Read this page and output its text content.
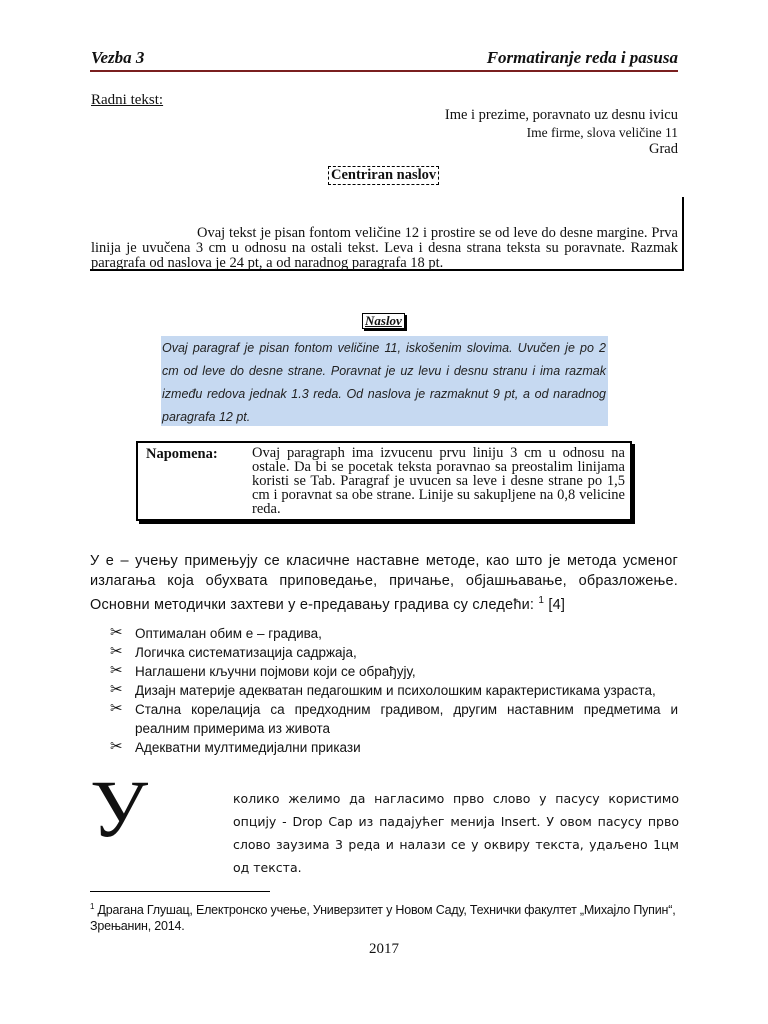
Vezba 3	Formatiranje reda i pasusa
Radni tekst:
Ime i prezime, poravnato uz desnu ivicu
Ime firme, slova veličine 11
Grad
Centriran naslov
Ovaj tekst je pisan fontom veličine 12 i prostire se od leve do desne margine. Prva linija je uvučena 3 cm u odnosu na ostali tekst. Leva i desna strana teksta su poravnate. Razmak paragrafa od naslova je 24 pt, a od naradnog paragrafa 18 pt.
Naslov
Ovaj paragraf je pisan fontom veličine 11, iskošenim slovima. Uvučen je po 2 cm od leve do desne strane. Poravnat je uz levu i desnu stranu i ima razmak između redova jednak 1.3 reda. Od naslova je razmaknut 9 pt, a od naradnog paragrafa 12 pt.
Napomena: Ovaj paragraph ima izvucenu prvu liniju 3 cm u odnosu na ostale. Da bi se pocetak teksta poravnao sa preostalim linijama koristi se Tab. Paragraf je uvucen sa leve i desne strane po 1,5 cm i poravnat sa obe strane. Linije su sakupljene na 0,8 velicine reda.
У е – учењу примењују се класичне наставне методе, као што је метода усменог излагања која обухвата приповедање, причање, објашњавање, образложење. Основни методички захтеви у е-предавању градива су следећи: $^1$ [4]
✂ Оптималан обим е – градива,
✂ Логичка систематизација садржаја,
✂ Наглашени кључни појмови који се обрађују,
✂ Дизајн материје адекватан педагошким и психолошким карактеристикама узраста,
✂ Стална корелација са предходним градивом, другим наставним предметима и реалним примерима из живота
✂ Адекватни мултимедијални прикази
У	колико желимо да нагласимо прво слово у пасусу користимо опцију - Drop Cap из падајућег менија Insert. У овом пасусу прво слово заузима 3 реда и налази се у оквиру текста, удаљено 1цм од текста.
$^1$ Драгана Глушац, Електронско учење, Универзитет у Новом Саду, Технички факултет „Михајло Пупин“, Зрењанин, 2014.
2017
